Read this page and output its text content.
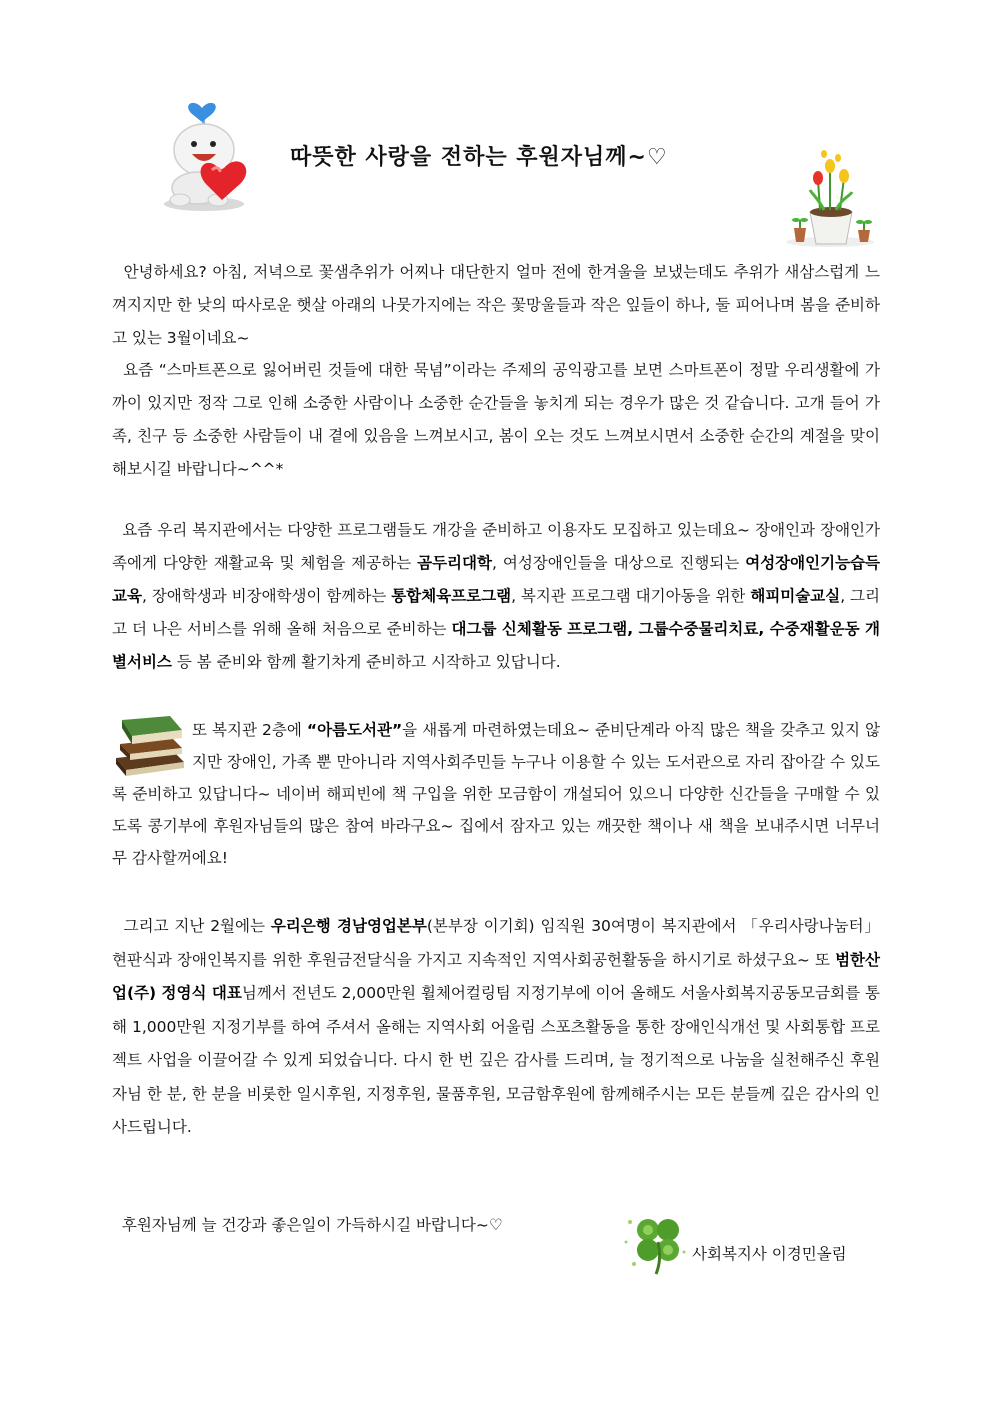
따뜻한 사랑을 전하는 후원자님께~♡

안녕하세요? 아침, 저녁으로 꽃샘추위가 어찌나 대단한지 얼마 전에 한겨울을 보냈는데도 추위가 새삼스럽게 느껴지지만 한 낮의 따사로운 햇살 아래의 나뭇가지에는 작은 꽃망울들과 작은 잎들이 하나, 둘 피어나며 봄을 준비하고 있는 3월이네요~

요즘 “스마트폰으로 잃어버린 것들에 대한 묵념”이라는 주제의 공익광고를 보면 스마트폰이 정말 우리생활에 가까이 있지만 정작 그로 인해 소중한 사람이나 소중한 순간들을 놓치게 되는 경우가 많은 것 같습니다. 고개 들어 가족, 친구 등 소중한 사람들이 내 곁에 있음을 느껴보시고, 봄이 오는 것도 느껴보시면서 소중한 순간의 계절을 맞이해보시길 바랍니다~^^*

요즘 우리 복지관에서는 다양한 프로그램들도 개강을 준비하고 이용자도 모집하고 있는데요~ 장애인과 장애인가족에게 다양한 재활교육 및 체험을 제공하는 곰두리대학, 여성장애인들을 대상으로 진행되는 여성장애인기능습득교육, 장애학생과 비장애학생이 함께하는 통합체육프로그램, 복지관 프로그램 대기아동을 위한 해피미술교실, 그리고 더 나은 서비스를 위해 올해 처음으로 준비하는 대그룹 신체활동 프로그램, 그룹수중물리치료, 수중재활운동 개별서비스 등 봄 준비와 함께 활기차게 준비하고 시작하고 있답니다.

또 복지관 2층에 “아름도서관”을 새롭게 마련하였는데요~ 준비단계라 아직 많은 책을 갖추고 있지 않지만 장애인, 가족 뿐 만아니라 지역사회주민들 누구나 이용할 수 있는 도서관으로 자리 잡아갈 수 있도록 준비하고 있답니다~ 네이버 해피빈에 책 구입을 위한 모금함이 개설되어 있으니 다양한 신간들을 구매할 수 있도록 콩기부에 후원자님들의 많은 참여 바라구요~ 집에서 잠자고 있는 깨끗한 책이나 새 책을 보내주시면 너무너무 감사할꺼에요!

그리고 지난 2월에는 우리은행 경남영업본부(본부장 이기회) 임직원 30여명이 복지관에서 「우리사랑나눔터」 현판식과 장애인복지를 위한 후원금전달식을 가지고 지속적인 지역사회공헌활동을 하시기로 하셨구요~ 또 범한산업(주) 정영식 대표님께서 전년도 2,000만원 휠체어컬링팀 지정기부에 이어 올해도 서울사회복지공동모금회를 통해 1,000만원 지정기부를 하여 주셔서 올해는 지역사회 어울림 스포츠활동을 통한 장애인식개선 및 사회통합 프로젝트 사업을 이끌어갈 수 있게 되었습니다. 다시 한 번 깊은 감사를 드리며, 늘 정기적으로 나눔을 실천해주신 후원자님 한 분, 한 분을 비롯한 일시후원, 지정후원, 물품후원, 모금함후원에 함께해주시는 모든 분들께 깊은 감사의 인사드립니다.

후원자님께 늘 건강과 좋은일이 가득하시길 바랍니다~♡

사회복지사 이경민올림
